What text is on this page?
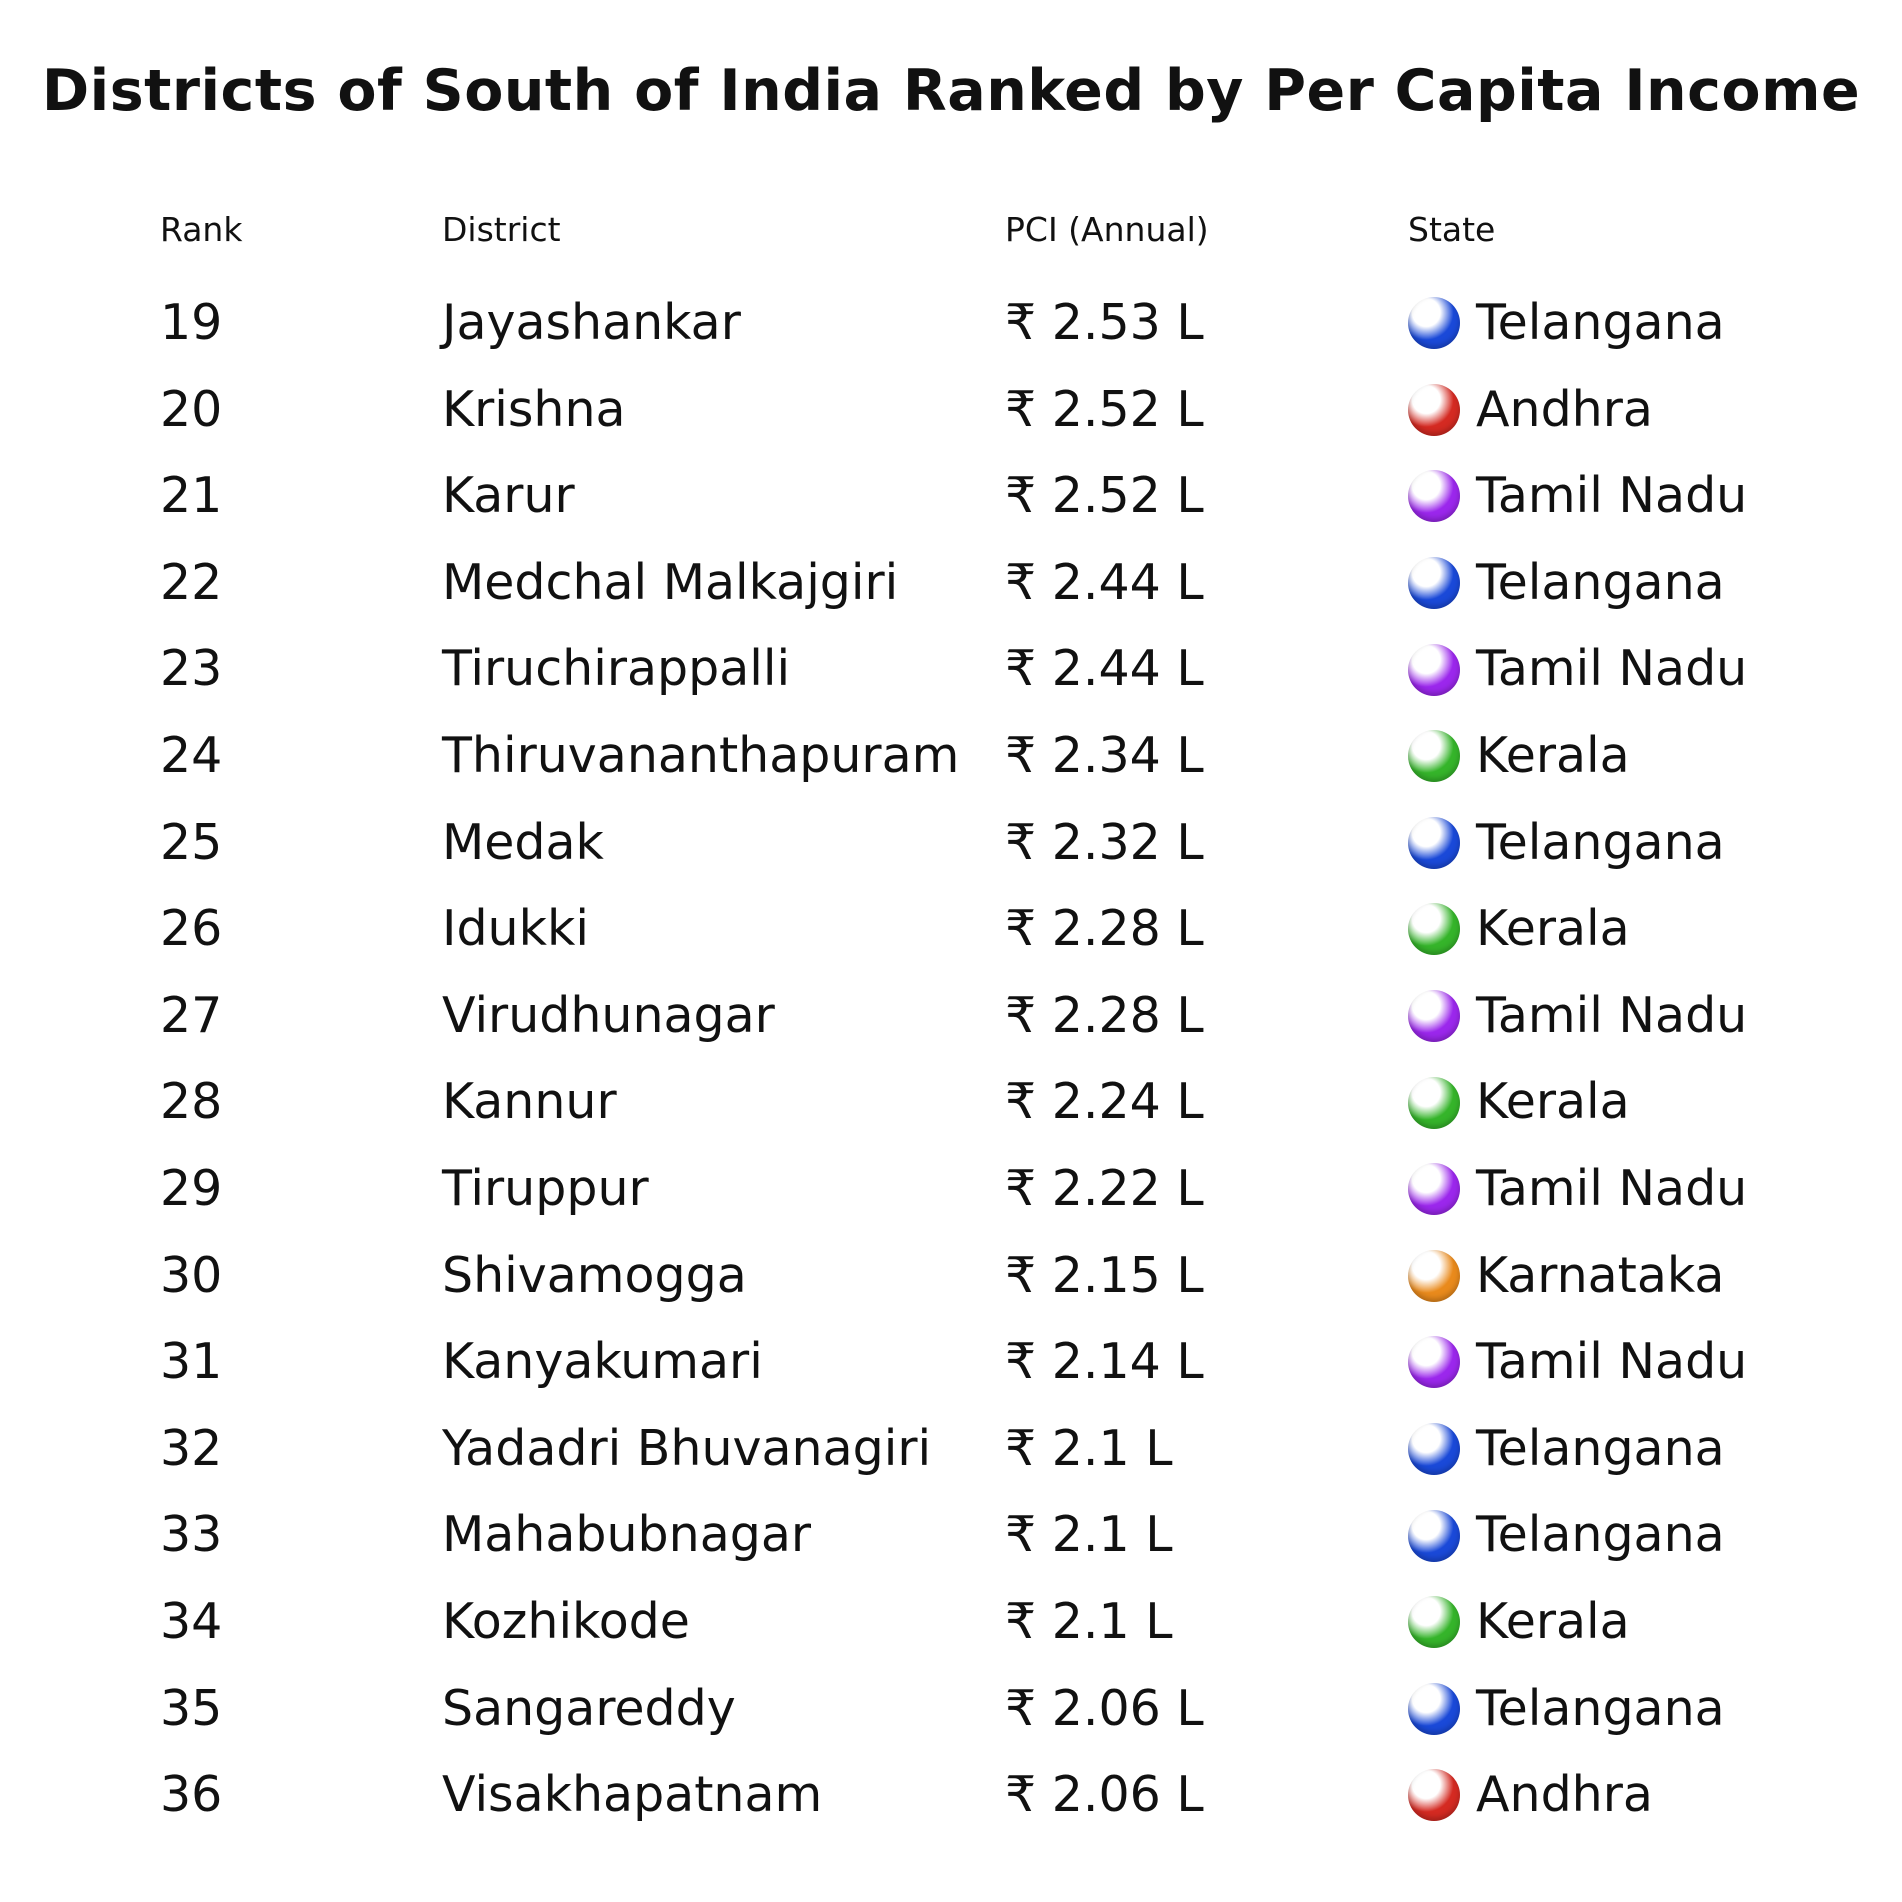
Districts of South of India Ranked by Per Capita Income
Rank	District	PCI (Annual)	State
19	Jayashankar	₹ 2.53 L	Telangana
20	Krishna	₹ 2.52 L	Andhra
21	Karur	₹ 2.52 L	Tamil Nadu
22	Medchal Malkajgiri ₹ 2.44 L	Telangana
23	Tiruchirappalli	₹ 2.44 L	Tamil Nadu
24	Thiruvananthapuram ₹ 2.34 L	Kerala
25	Medak	₹ 2.32 L	Telangana
26	Idukki	₹ 2.28 L	Kerala
27	Virudhunagar	₹ 2.28 L	Tamil Nadu
28	Kannur	₹ 2.24 L	Kerala
29	Tiruppur	₹ 2.22 L	Tamil Nadu
30	Shivamogga	₹ 2.15 L	Karnataka
31	Kanyakumari	₹ 2.14 L	Tamil Nadu
32	Yadadri Bhuvanagiri ₹ 2.1 L	Telangana
33	Mahabubnagar	₹ 2.1 L	Telangana
34	Kozhikode	₹ 2.1 L	Kerala
35	Sangareddy	₹ 2.06 L	Telangana
36	Visakhapatnam	₹ 2.06 L	Andhra
